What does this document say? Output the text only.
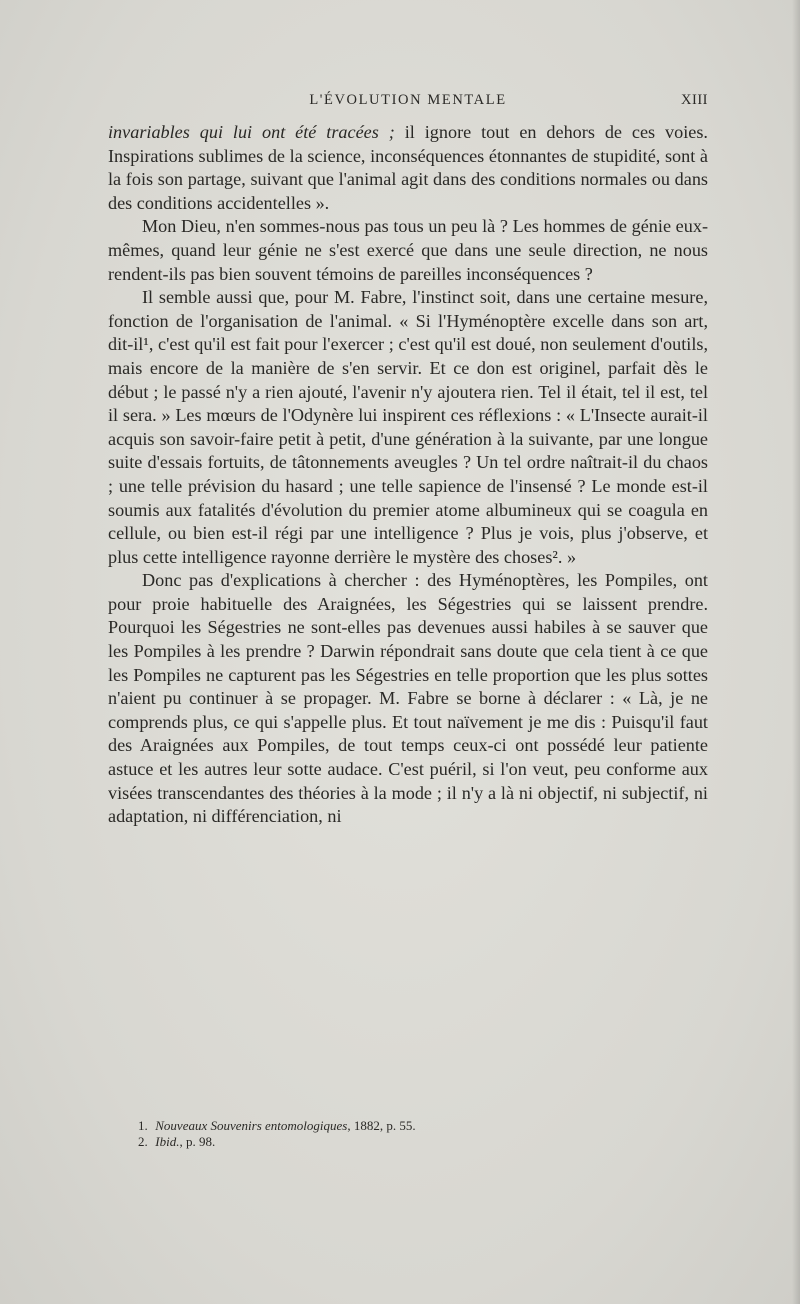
L'ÉVOLUTION MENTALE	XIII

invariables qui lui ont été tracées ; il ignore tout en dehors de ces voies. Inspirations sublimes de la science, inconséquences étonnantes de stupidité, sont à la fois son partage, suivant que l'animal agit dans des conditions normales ou dans des conditions accidentelles ».

Mon Dieu, n'en sommes-nous pas tous un peu là ? Les hommes de génie eux-mêmes, quand leur génie ne s'est exercé que dans une seule direction, ne nous rendent-ils pas bien souvent témoins de pareilles inconséquences ?

Il semble aussi que, pour M. Fabre, l'instinct soit, dans une certaine mesure, fonction de l'organisation de l'animal. « Si l'Hyménoptère excelle dans son art, dit-il¹, c'est qu'il est fait pour l'exercer ; c'est qu'il est doué, non seulement d'outils, mais encore de la manière de s'en servir. Et ce don est originel, parfait dès le début ; le passé n'y a rien ajouté, l'avenir n'y ajoutera rien. Tel il était, tel il est, tel il sera. » Les mœurs de l'Odynère lui inspirent ces réflexions : « L'Insecte aurait-il acquis son savoir-faire petit à petit, d'une génération à la suivante, par une longue suite d'essais fortuits, de tâtonnements aveugles ? Un tel ordre naîtrait-il du chaos ; une telle prévision du hasard ; une telle sapience de l'insensé ? Le monde est-il soumis aux fatalités d'évolution du premier atome albumineux qui se coagula en cellule, ou bien est-il régi par une intelligence ? Plus je vois, plus j'observe, et plus cette intelligence rayonne derrière le mystère des choses². »

Donc pas d'explications à chercher : des Hyménoptères, les Pompiles, ont pour proie habituelle des Araignées, les Ségestries qui se laissent prendre. Pourquoi les Ségestries ne sont-elles pas devenues aussi habiles à se sauver que les Pompiles à les prendre ? Darwin répondrait sans doute que cela tient à ce que les Pompiles ne capturent pas les Ségestries en telle proportion que les plus sottes n'aient pu continuer à se propager. M. Fabre se borne à déclarer : « Là, je ne comprends plus, ce qui s'appelle plus. Et tout naïvement je me dis : Puisqu'il faut des Araignées aux Pompiles, de tout temps ceux-ci ont possédé leur patiente astuce et les autres leur sotte audace. C'est puéril, si l'on veut, peu conforme aux visées transcendantes des théories à la mode ; il n'y a là ni objectif, ni subjectif, ni adaptation, ni différenciation, ni

1. Nouveaux Souvenirs entomologiques, 1882, p. 55.
2. Ibid., p. 98.
